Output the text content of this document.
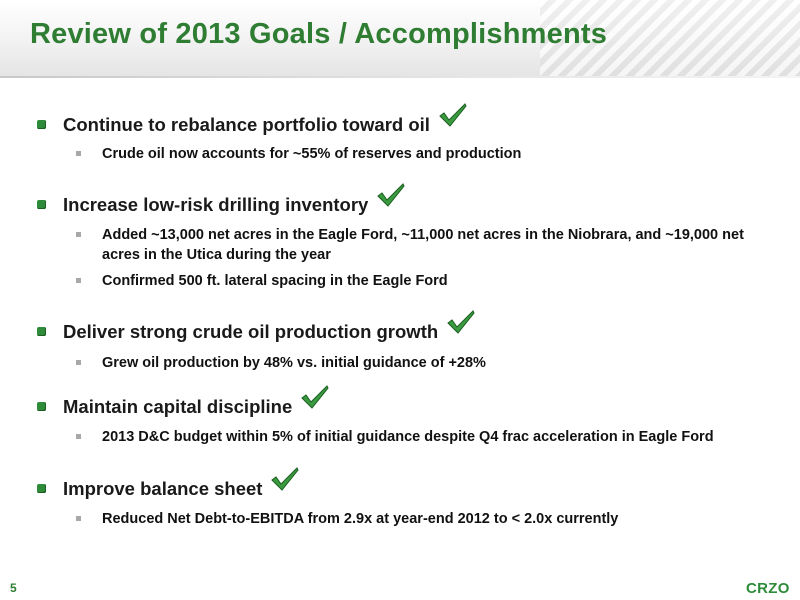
Review of 2013 Goals / Accomplishments
Continue to rebalance portfolio toward oil
Crude oil now accounts for ~55% of reserves and production
Increase low-risk drilling inventory
Added ~13,000 net acres in the Eagle Ford, ~11,000 net acres in the Niobrara, and ~19,000 net acres in the Utica during the year
Confirmed 500 ft. lateral spacing in the Eagle Ford
Deliver strong crude oil production growth
Grew oil production by 48% vs. initial guidance of +28%
Maintain capital discipline
2013 D&C budget within 5% of initial guidance despite Q4 frac acceleration in Eagle Ford
Improve balance sheet
Reduced Net Debt-to-EBITDA from 2.9x at year-end 2012 to < 2.0x currently
5	CRZO
